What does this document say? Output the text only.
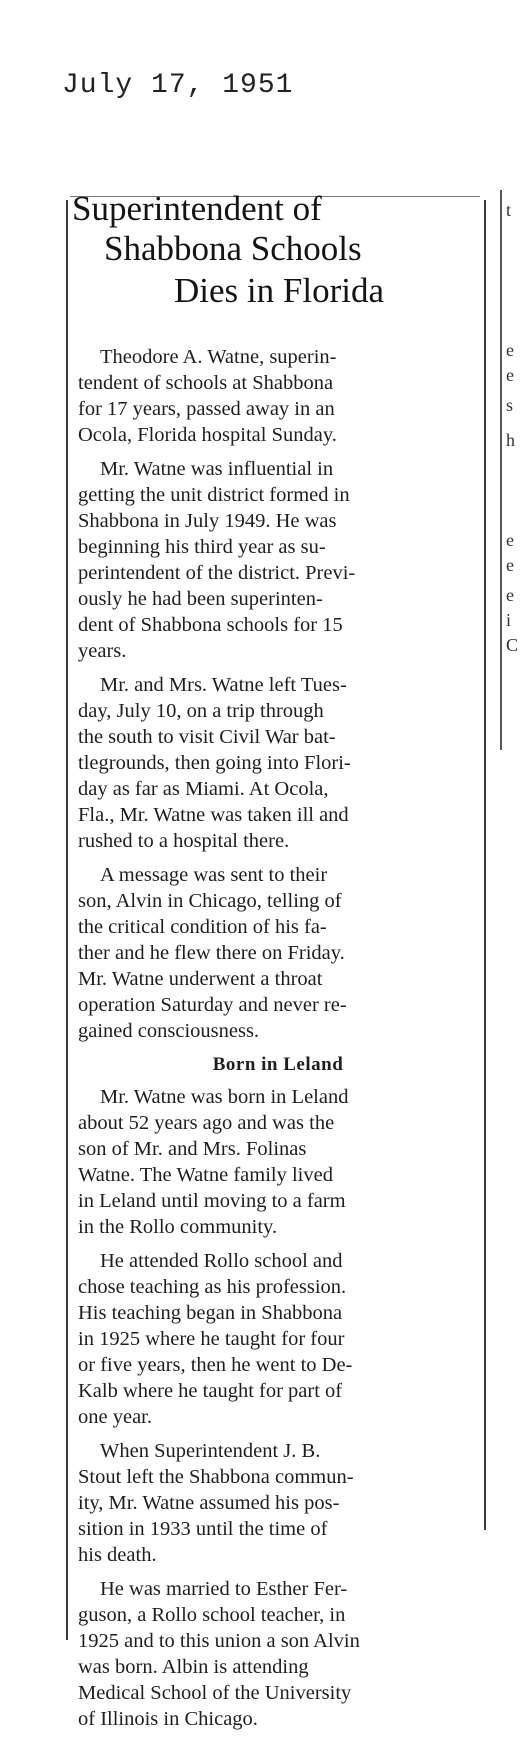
July 17, 1951
Superintendent of
Shabbona Schools
Dies in Florida

Theodore A. Watne, superin-
tendent of schools at Shabbona
for 17 years, passed away in an
Ocola, Florida hospital Sunday.

Mr. Watne was influential in
getting the unit district formed in
Shabbona in July 1949. He was
beginning his third year as su-
perintendent of the district. Previ-
ously he had been superinten-
dent of Shabbona schools for 15
years.

Mr. and Mrs. Watne left Tues-
day, July 10, on a trip through
the south to visit Civil War bat-
tlegrounds, then going into Flori-
day as far as Miami. At Ocola,
Fla., Mr. Watne was taken ill and
rushed to a hospital there.

A message was sent to their
son, Alvin in Chicago, telling of
the critical condition of his fa-
ther and he flew there on Friday.
Mr. Watne underwent a throat
operation Saturday and never re-
gained consciousness.

Born in Leland

Mr. Watne was born in Leland
about 52 years ago and was the
son of Mr. and Mrs. Folinas
Watne. The Watne family lived
in Leland until moving to a farm
in the Rollo community.

He attended Rollo school and
chose teaching as his profession.
His teaching began in Shabbona
in 1925 where he taught for four
or five years, then he went to De-
Kalb where he taught for part of
one year.

When Superintendent J. B.
Stout left the Shabbona commun-
ity, Mr. Watne assumed his pos-
sition in 1933 until the time of
his death.

He was married to Esther Fer-
guson, a Rollo school teacher, in
1925 and to this union a son Alvin
was born. Albin is attending
Medical School of the University
of Illinois in Chicago.

t
e
e
s
h
e
e
e
i
C
